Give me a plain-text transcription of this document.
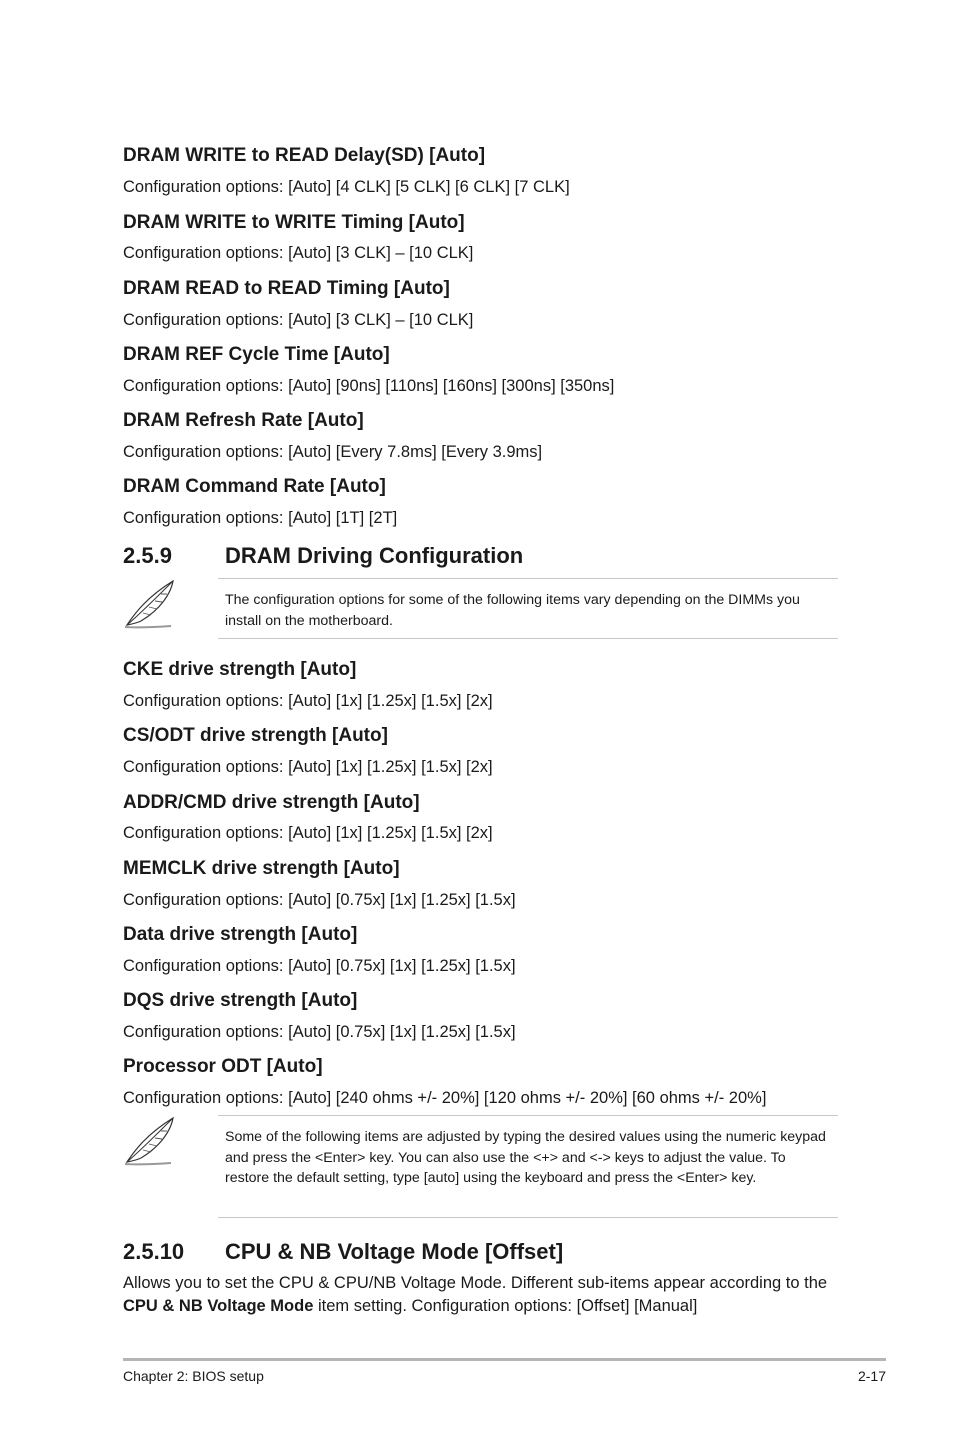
DRAM WRITE to READ Delay(SD) [Auto]
Configuration options: [Auto] [4 CLK] [5 CLK] [6 CLK] [7 CLK]
DRAM WRITE to WRITE Timing [Auto]
Configuration options: [Auto] [3 CLK] – [10 CLK]
DRAM READ to READ Timing [Auto]
Configuration options: [Auto] [3 CLK] – [10 CLK]
DRAM REF Cycle Time [Auto]
Configuration options: [Auto] [90ns] [110ns] [160ns] [300ns] [350ns]
DRAM Refresh Rate [Auto]
Configuration options: [Auto] [Every 7.8ms] [Every 3.9ms]
DRAM Command Rate [Auto]
Configuration options: [Auto] [1T] [2T]
2.5.9 DRAM Driving Configuration
The configuration options for some of the following items vary depending on the DIMMs you install on the motherboard.
CKE drive strength [Auto]
Configuration options: [Auto] [1x] [1.25x] [1.5x] [2x]
CS/ODT drive strength [Auto]
Configuration options: [Auto] [1x] [1.25x] [1.5x] [2x]
ADDR/CMD drive strength [Auto]
Configuration options: [Auto] [1x] [1.25x] [1.5x] [2x]
MEMCLK drive strength [Auto]
Configuration options: [Auto] [0.75x] [1x] [1.25x] [1.5x]
Data drive strength [Auto]
Configuration options: [Auto] [0.75x] [1x] [1.25x] [1.5x]
DQS drive strength [Auto]
Configuration options: [Auto] [0.75x] [1x] [1.25x] [1.5x]
Processor ODT [Auto]
Configuration options: [Auto] [240 ohms +/- 20%] [120 ohms +/- 20%] [60 ohms +/- 20%]
Some of the following items are adjusted by typing the desired values using the numeric keypad and press the <Enter> key. You can also use the <+> and <-> keys to adjust the value. To restore the default setting, type [auto] using the keyboard and press the <Enter> key.
2.5.10 CPU & NB Voltage Mode [Offset]
Allows you to set the CPU & CPU/NB Voltage Mode. Different sub-items appear according to the CPU & NB Voltage Mode item setting. Configuration options: [Offset] [Manual]
Chapter 2: BIOS setup	2-17
